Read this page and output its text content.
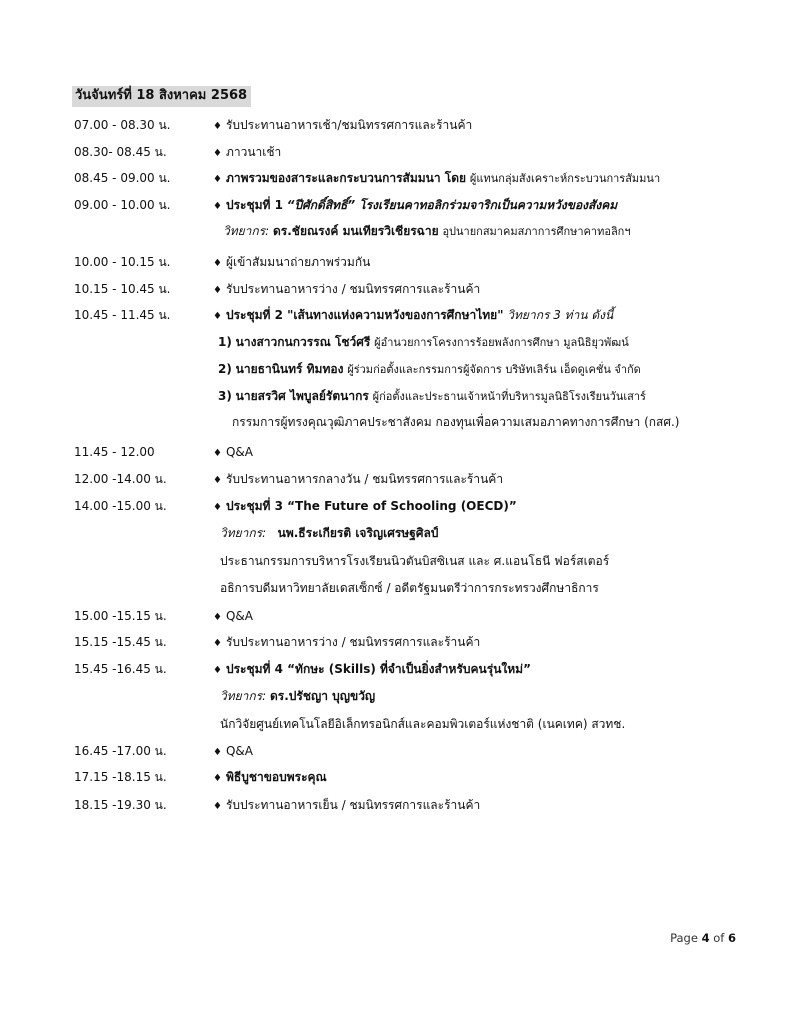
วันจันทร์ที่ 18 สิงหาคม 2568
07.00 - 08.30 น.	♦ รับประทานอาหารเช้า/ชมนิทรรศการและร้านค้า
08.30- 08.45 น.	♦ ภาวนาเช้า
08.45 - 09.00 น.	♦ ภาพรวมของสาระและกระบวนการสัมมนา โดย ผู้แทนกลุ่มสังเคราะห์กระบวนการสัมมนา
09.00 - 10.00 น.	♦ ประชุมที่ 1 “ปีศักดิ์สิทธิ์” โรงเรียนคาทอลิกร่วมจาริกเป็นความหวังของสังคม
วิทยากร: ดร.ชัยณรงค์ มนเทียรวิเชียรฉาย อุปนายกสมาคมสภาการศึกษาคาทอลิกฯ
10.00 - 10.15 น.	♦ ผู้เข้าสัมมนาถ่ายภาพร่วมกัน
10.15 - 10.45 น.	♦ รับประทานอาหารว่าง / ชมนิทรรศการและร้านค้า
10.45 - 11.45 น.	♦ ประชุมที่ 2 "เส้นทางแห่งความหวังของการศึกษาไทย" วิทยากร 3 ท่าน ดังนี้
1) นางสาวกนกวรรณ โชว์ศรี ผู้อำนวยการโครงการร้อยพลังการศึกษา มูลนิธิยุวพัฒน์
2) นายธานินทร์ ทิมทอง ผู้ร่วมก่อตั้งและกรรมการผู้จัดการ บริษัทเลิร์น เอ็ดดูเคชั่น จำกัด
3) นายสรวิศ ไพบูลย์รัตนากร ผู้ก่อตั้งและประธานเจ้าหน้าที่บริหารมูลนิธิโรงเรียนวันเสาร์
กรรมการผู้ทรงคุณวุฒิภาคประชาสังคม กองทุนเพื่อความเสมอภาคทางการศึกษา (กสศ.)
11.45 - 12.00	♦ Q&A
12.00 -14.00 น.	♦ รับประทานอาหารกลางวัน / ชมนิทรรศการและร้านค้า
14.00 -15.00 น.	♦ ประชุมที่ 3 “The Future of Schooling (OECD)”
วิทยากร: นพ.ธีระเกียรติ เจริญเศรษฐศิลป์
ประธานกรรมการบริหารโรงเรียนนิวตันบิสซิเนส และ ศ.แอนโธนี ฟอร์สเตอร์
อธิการบดีมหาวิทยาลัยเดสเซ็กซ์ / อดีตรัฐมนตรีว่าการกระทรวงศึกษาธิการ
15.00 -15.15 น.	♦ Q&A
15.15 -15.45 น.	♦ รับประทานอาหารว่าง / ชมนิทรรศการและร้านค้า
15.45 -16.45 น.	♦ ประชุมที่ 4 “ทักษะ (Skills) ที่จำเป็นยิ่งสำหรับคนรุ่นใหม่”
วิทยากร: ดร.ปรัชญา บุญขวัญ
นักวิจัยศูนย์เทคโนโลยีอิเล็กทรอนิกส์และคอมพิวเตอร์แห่งชาติ (เนคเทค) สวทช.
16.45 -17.00 น.	♦ Q&A
17.15 -18.15 น.	♦ พิธีบูชาขอบพระคุณ
18.15 -19.30 น.	♦ รับประทานอาหารเย็น / ชมนิทรรศการและร้านค้า
Page 4 of 6
